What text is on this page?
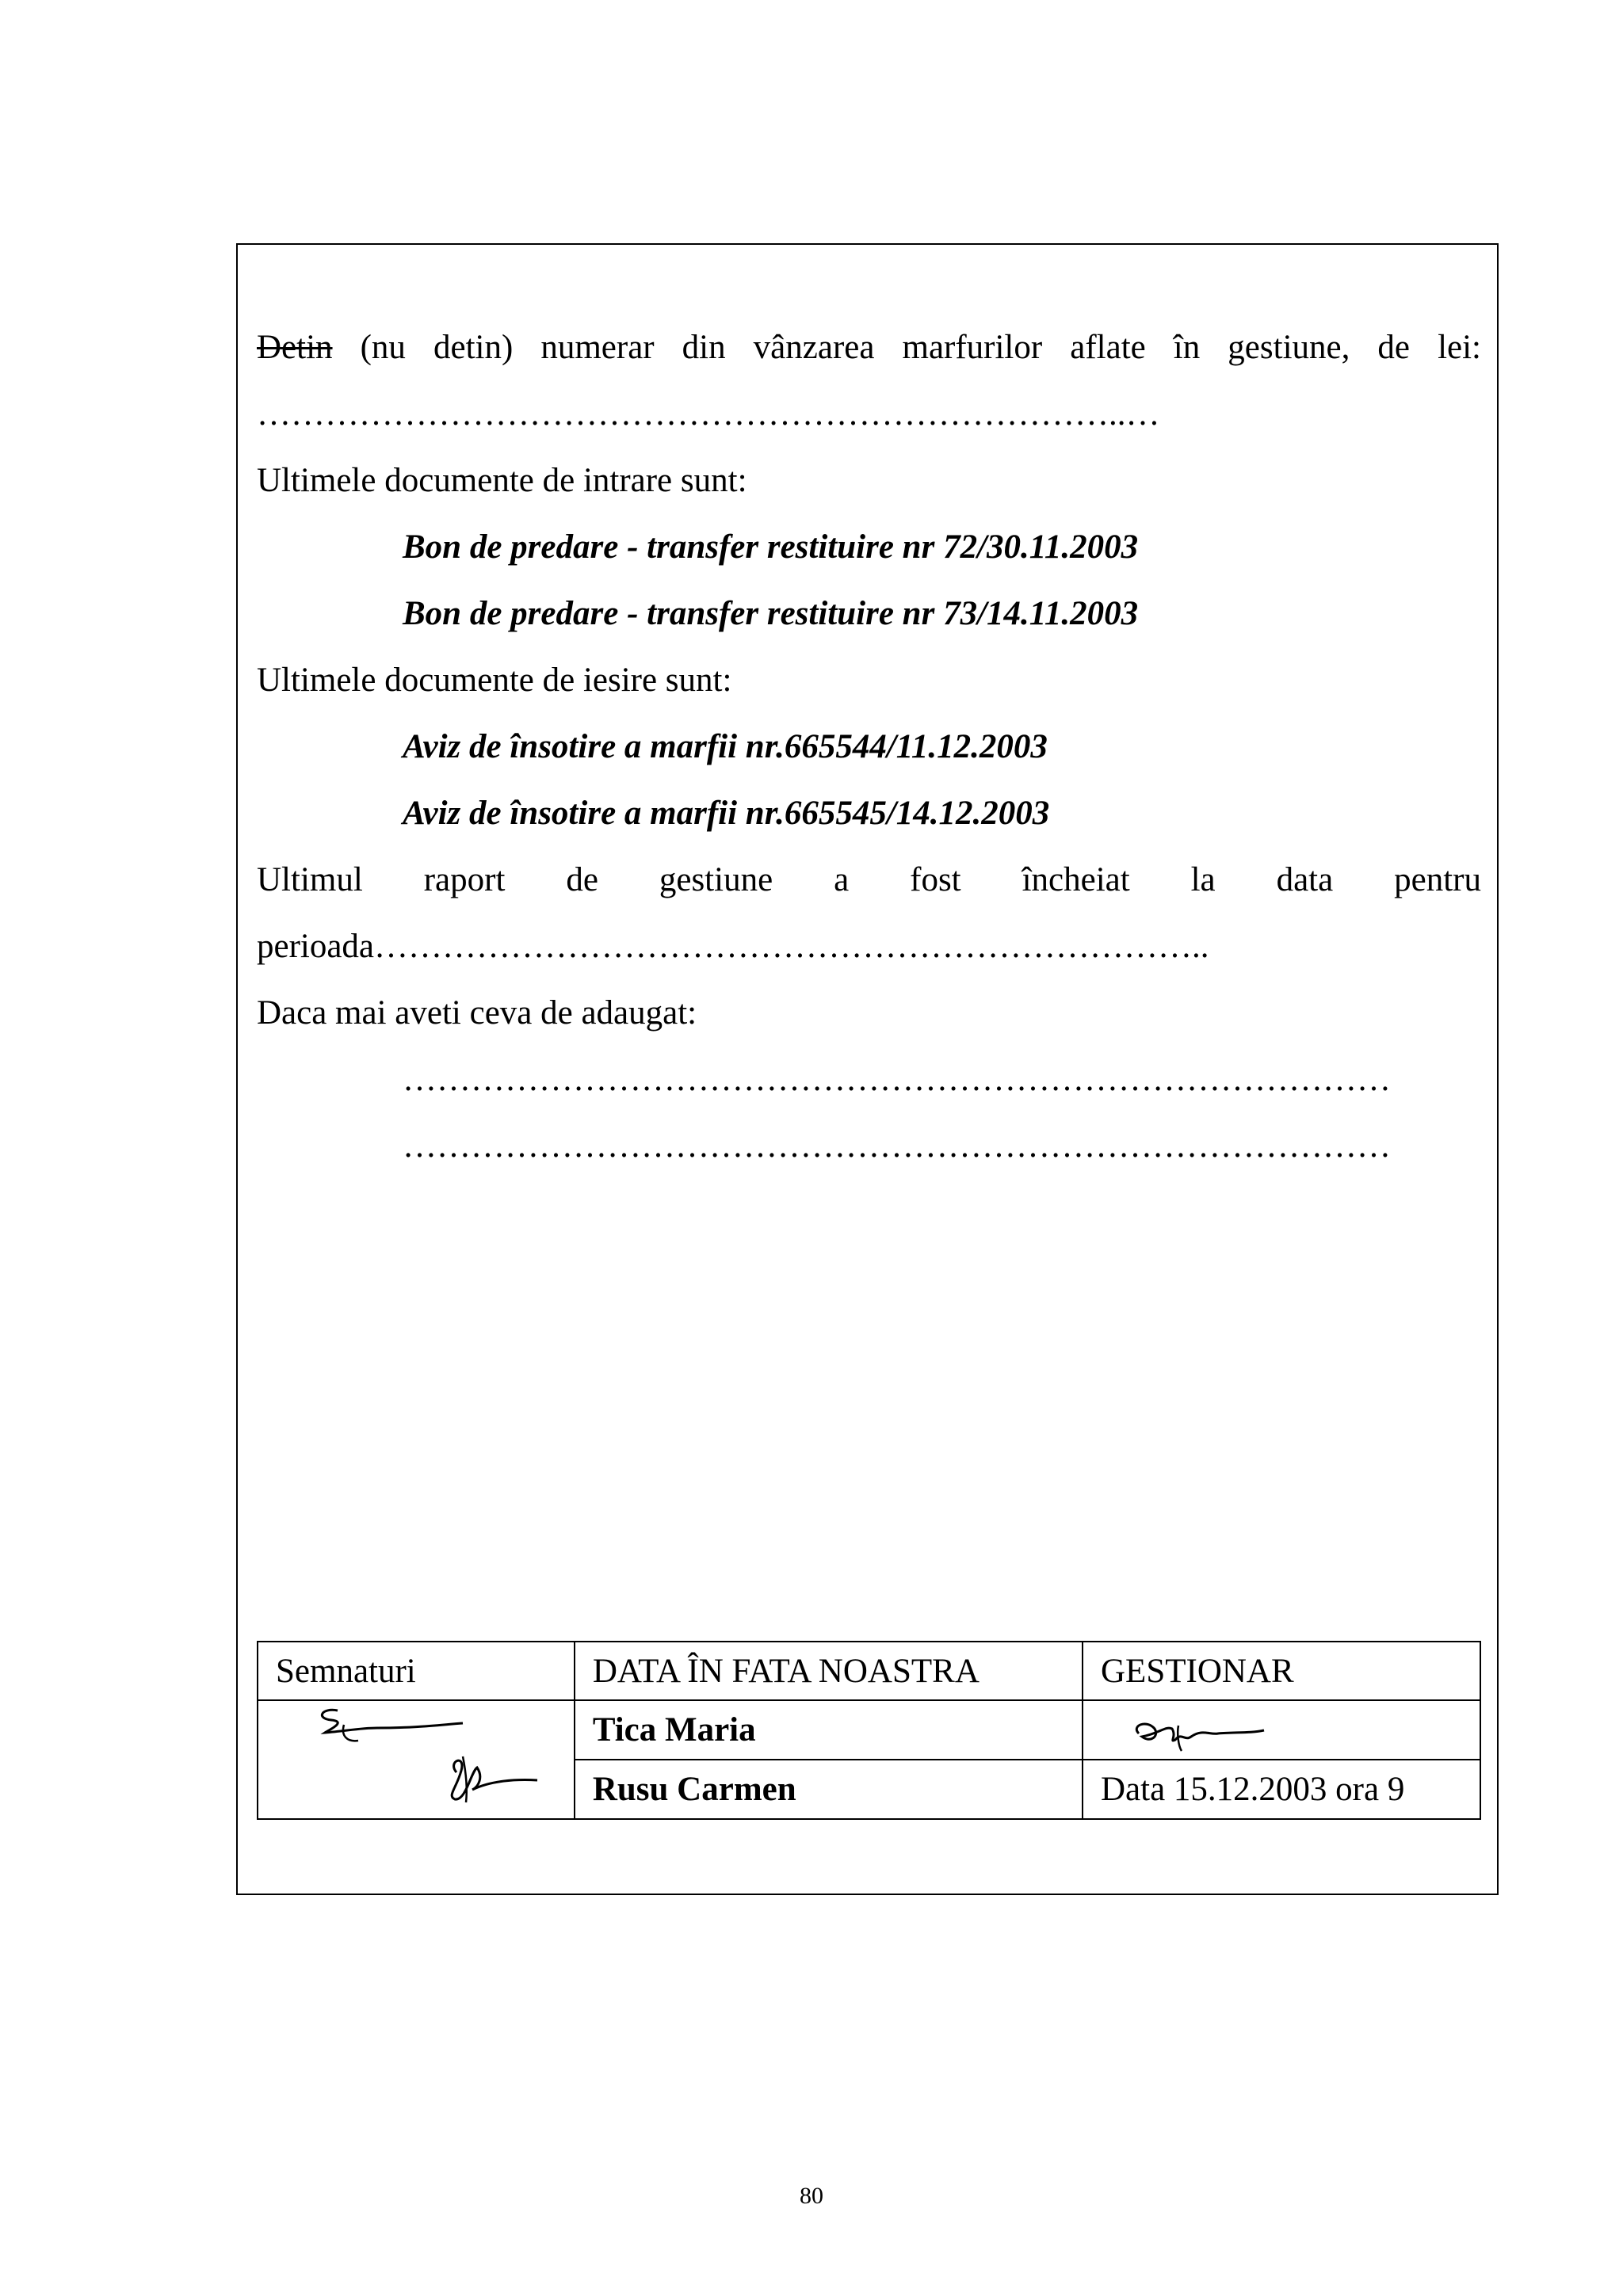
Detin (nu detin) numerar din vânzarea marfurilor aflate în gestiune, de lei:
…………………………………………………………………..…
Ultimele documente de intrare sunt:
Bon de predare - transfer restituire nr 72/30.11.2003
Bon de predare - transfer restituire nr 73/14.11.2003
Ultimele documente de iesire sunt:
Aviz de însotire a marfii nr.665544/11.12.2003
Aviz de însotire a marfii nr.665545/14.12.2003
Ultimul raport de gestiune a fost încheiat la data pentru
perioada………………………………………………………………..
Daca mai aveti ceva de adaugat:
……………………………………………………………………………
……………………………………………………………………………
Semnaturi	DATA ÎN FATA NOASTRA	GESTIONAR

	Tica Maria	

	Rusu Carmen	Data 15.12.2003 ora 9
80
